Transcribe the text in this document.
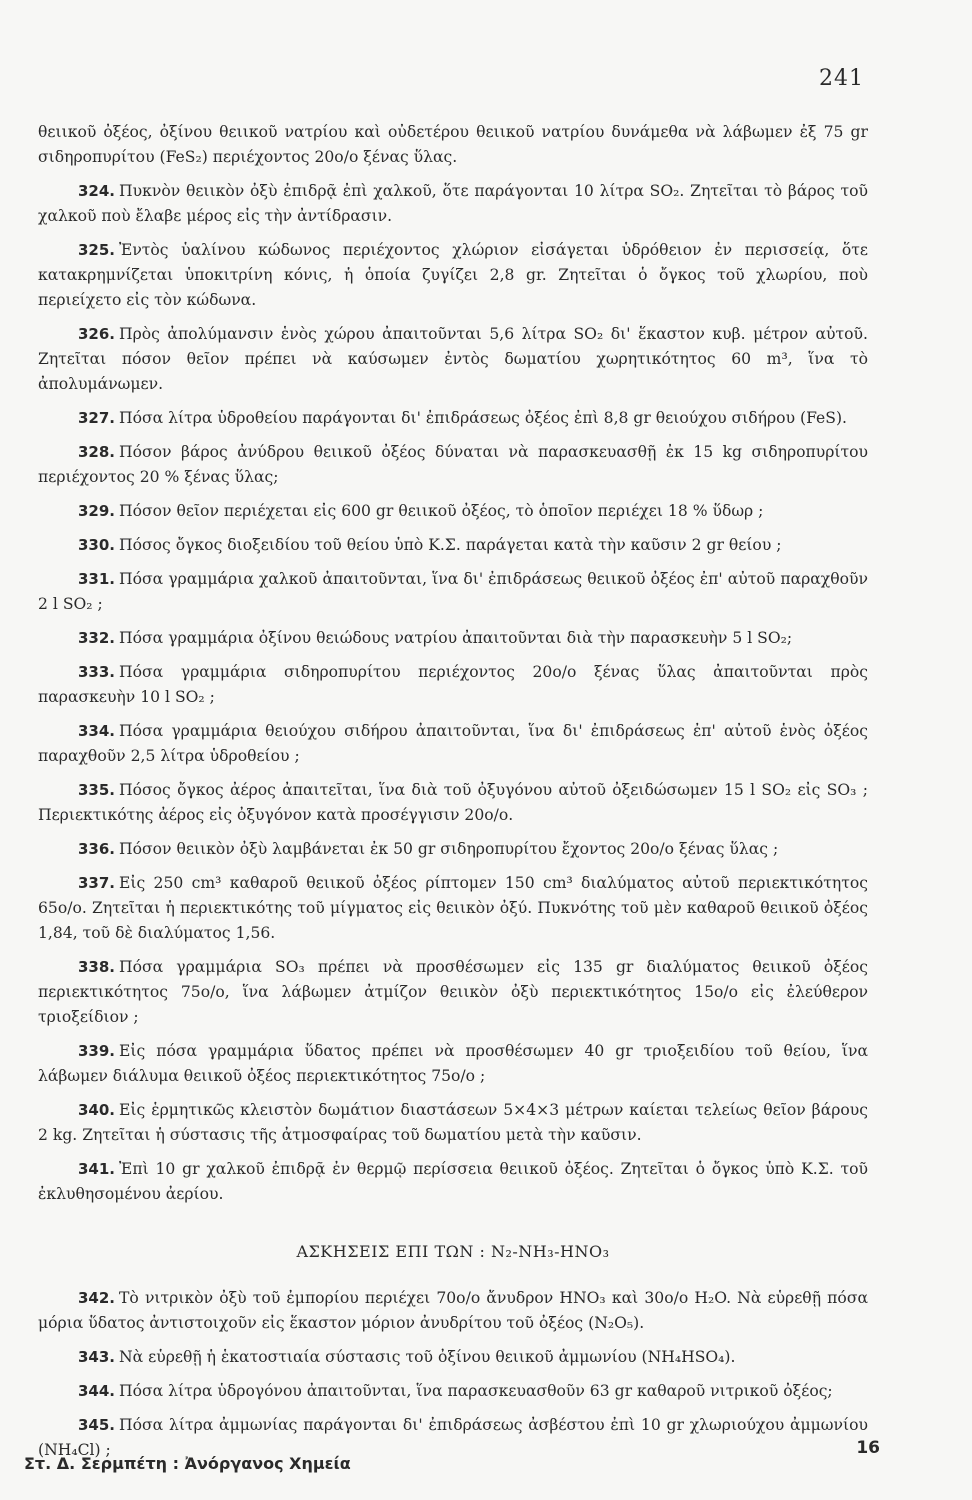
241

θειικοῦ ὀξέος, ὀξίνου θειικοῦ νατρίου καὶ οὐδετέρου θειικοῦ νατρίου δυνάμεθα νὰ λάβωμεν ἐξ 75 gr σιδηροπυρίτου (FeS₂) περιέχοντος 20ο/ο ξένας ὕλας.

324. Πυκνὸν θειικὸν ὀξὺ ἐπιδρᾷ ἐπὶ χαλκοῦ, ὅτε παράγονται 10 λίτρα SO₂. Ζητεῖται τὸ βάρος τοῦ χαλκοῦ ποὺ ἔλαβε μέρος εἰς τὴν ἀντίδρασιν.

325. Ἐντὸς ὑαλίνου κώδωνος περιέχοντος χλώριον εἰσάγεται ὑδρόθειον ἐν περισσείᾳ, ὅτε κατακρημνίζεται ὑποκιτρίνη κόνις, ἡ ὁποία ζυγίζει 2,8 gr. Ζητεῖται ὁ ὄγκος τοῦ χλωρίου, ποὺ περιείχετο εἰς τὸν κώδωνα.

326. Πρὸς ἀπολύμανσιν ἑνὸς χώρου ἀπαιτοῦνται 5,6 λίτρα SO₂ δι' ἕκαστον κυβ. μέτρον αὐτοῦ. Ζητεῖται πόσον θεῖον πρέπει νὰ καύσωμεν ἐντὸς δωματίου χωρητικότητος 60 m³, ἵνα τὸ ἀπολυμάνωμεν.

327. Πόσα λίτρα ὑδροθείου παράγονται δι' ἐπιδράσεως ὀξέος ἐπὶ 8,8 gr θειούχου σιδήρου (FeS).

328. Πόσον βάρος ἀνύδρου θειικοῦ ὀξέος δύναται νὰ παρασκευασθῇ ἐκ 15 kg σιδηροπυρίτου περιέχοντος 20 % ξένας ὕλας;

329. Πόσον θεῖον περιέχεται εἰς 600 gr θειικοῦ ὀξέος, τὸ ὁποῖον περιέχει 18 % ὕδωρ ;

330. Πόσος ὄγκος διοξειδίου τοῦ θείου ὑπὸ Κ.Σ. παράγεται κατὰ τὴν καῦσιν 2 gr θείου ;

331. Πόσα γραμμάρια χαλκοῦ ἀπαιτοῦνται, ἵνα δι' ἐπιδράσεως θειικοῦ ὀξέος ἐπ' αὐτοῦ παραχθοῦν 2 l SO₂ ;

332. Πόσα γραμμάρια ὀξίνου θειώδους νατρίου ἀπαιτοῦνται διὰ τὴν παρασκευὴν 5 l SO₂;

333. Πόσα γραμμάρια σιδηροπυρίτου περιέχοντος 20ο/ο ξένας ὕλας ἀπαιτοῦνται πρὸς παρασκευὴν 10 l SO₂ ;

334. Πόσα γραμμάρια θειούχου σιδήρου ἀπαιτοῦνται, ἵνα δι' ἐπιδράσεως ἐπ' αὐτοῦ ἑνὸς ὀξέος παραχθοῦν 2,5 λίτρα ὑδροθείου ;

335. Πόσος ὄγκος ἀέρος ἀπαιτεῖται, ἵνα διὰ τοῦ ὀξυγόνου αὐτοῦ ὀξειδώσωμεν 15 l SO₂ εἰς SO₃ ; Περιεκτικότης ἀέρος εἰς ὀξυγόνον κατὰ προσέγγισιν 20ο/ο.

336. Πόσον θειικὸν ὀξὺ λαμβάνεται ἐκ 50 gr σιδηροπυρίτου ἔχοντος 20ο/ο ξένας ὕλας ;

337. Εἰς 250 cm³ καθαροῦ θειικοῦ ὀξέος ρίπτομεν 150 cm³ διαλύματος αὐτοῦ περιεκτικότητος 65ο/ο. Ζητεῖται ἡ περιεκτικότης τοῦ μίγματος εἰς θειικὸν ὀξύ. Πυκνότης τοῦ μὲν καθαροῦ θειικοῦ ὀξέος 1,84, τοῦ δὲ διαλύματος 1,56.

338. Πόσα γραμμάρια SO₃ πρέπει νὰ προσθέσωμεν εἰς 135 gr διαλύματος θειικοῦ ὀξέος περιεκτικότητος 75ο/ο, ἵνα λάβωμεν ἀτμίζον θειικὸν ὀξὺ περιεκτικότητος 15ο/ο εἰς ἐλεύθερον τριοξείδιον ;

339. Εἰς πόσα γραμμάρια ὕδατος πρέπει νὰ προσθέσωμεν 40 gr τριοξειδίου τοῦ θείου, ἵνα λάβωμεν διάλυμα θειικοῦ ὀξέος περιεκτικότητος 75ο/ο ;

340. Εἰς ἑρμητικῶς κλειστὸν δωμάτιον διαστάσεων 5×4×3 μέτρων καίεται τελείως θεῖον βάρους 2 kg. Ζητεῖται ἡ σύστασις τῆς ἀτμοσφαίρας τοῦ δωματίου μετὰ τὴν καῦσιν.

341. Ἐπὶ 10 gr χαλκοῦ ἐπιδρᾷ ἐν θερμῷ περίσσεια θειικοῦ ὀξέος. Ζητεῖται ὁ ὄγκος ὑπὸ Κ.Σ. τοῦ ἐκλυθησομένου ἀερίου.

ΑΣΚΗΣΕΙΣ ΕΠΙ ΤΩΝ : N₂-NH₃-HNO₃

342. Τὸ νιτρικὸν ὀξὺ τοῦ ἐμπορίου περιέχει 70ο/ο ἄνυδρον HNO₃ καὶ 30ο/ο H₂O. Νὰ εὑρεθῇ πόσα μόρια ὕδατος ἀντιστοιχοῦν εἰς ἕκαστον μόριον ἀνυδρίτου τοῦ ὀξέος (N₂O₅).

343. Νὰ εὑρεθῇ ἡ ἑκατοστιαία σύστασις τοῦ ὀξίνου θειικοῦ ἀμμωνίου (NH₄HSO₄).

344. Πόσα λίτρα ὑδρογόνου ἀπαιτοῦνται, ἵνα παρασκευασθοῦν 63 gr καθαροῦ νιτρικοῦ ὀξέος;

345. Πόσα λίτρα ἀμμωνίας παράγονται δι' ἐπιδράσεως ἀσβέστου ἐπὶ 10 gr χλωριούχου ἀμμωνίου (NH₄Cl) ;

Στ. Δ. Σερμπέτη : Ἀνόργανος Χημεία
16
